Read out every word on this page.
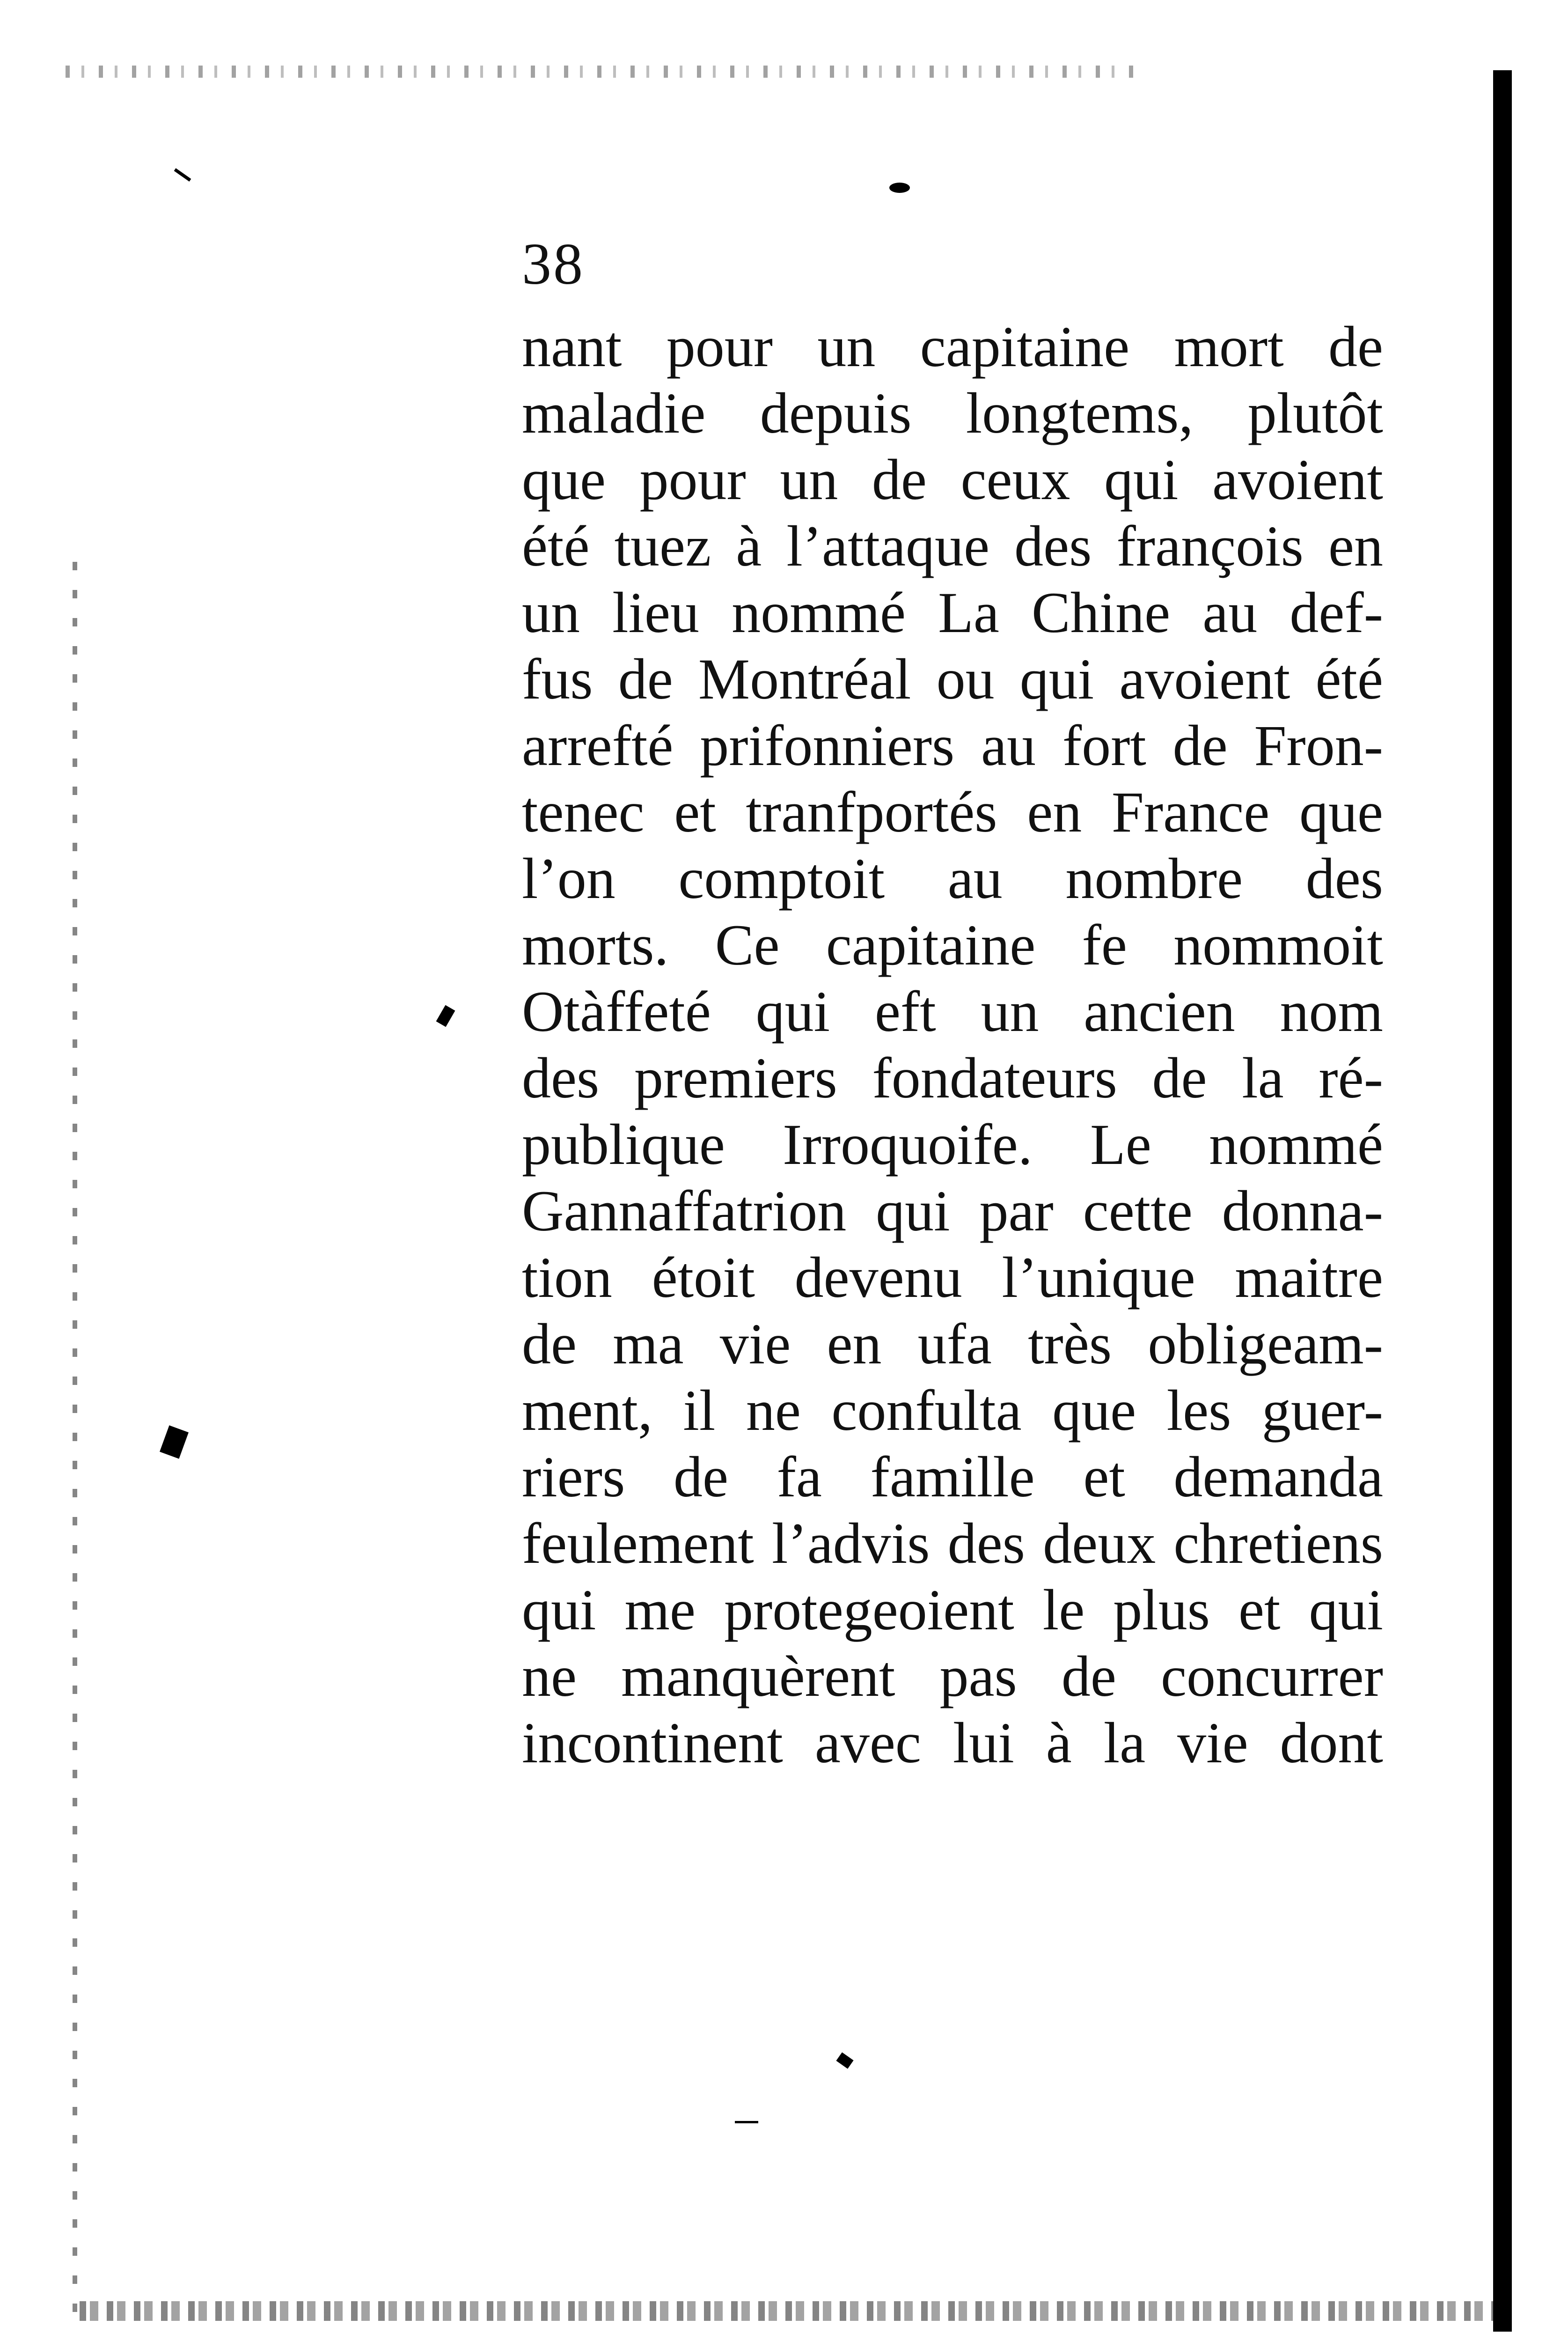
38
nant pour un capitaine mort de
maladie depuis longtems, plutôt
que pour un de ceux qui avoient
été tuez à l’attaque des françois en
un lieu nommé La Chine au def-
fus de Montréal ou qui avoient été
arrefté prifonniers au fort de Fron-
tenec et tranfportés en France que
l’on comptoit au nombre des
morts. Ce capitaine fe nommoit
Otàffeté qui eft un ancien nom
des premiers fondateurs de la ré-
publique Irroquoife. Le nommé
Gannaffatrion qui par cette donna-
tion étoit devenu l’unique maitre
de ma vie en ufa très obligeam-
ment, il ne confulta que les guer-
riers de fa famille et demanda
feulement l’advis des deux chretiens
qui me protegeoient le plus et qui
ne manquèrent pas de concurrer
incontinent avec lui à la vie dont
